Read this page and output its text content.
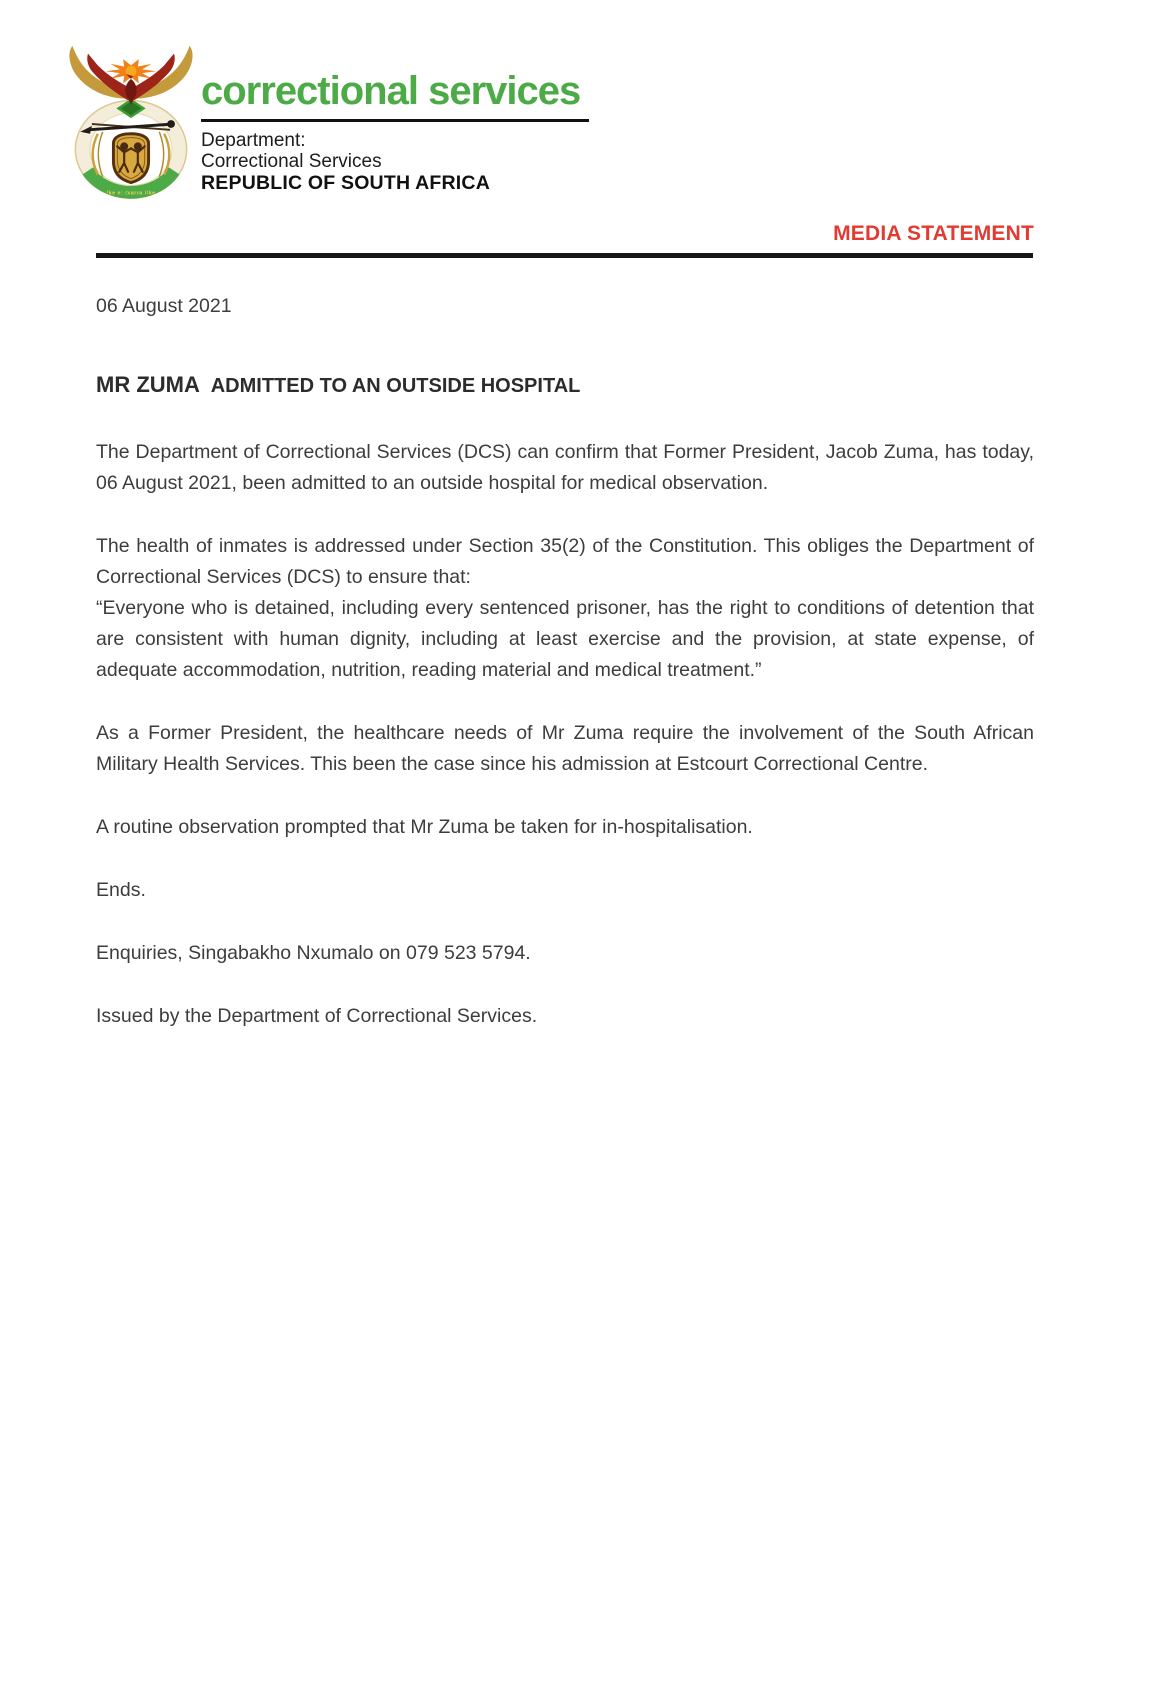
!ke e: /xarra //ke
correctional services
Department:
Correctional Services
REPUBLIC OF SOUTH AFRICA
MEDIA STATEMENT

06 August 2021

MR ZUMA ADMITTED TO AN OUTSIDE HOSPITAL

The Department of Correctional Services (DCS) can confirm that Former President, Jacob Zuma, has today, 06 August 2021, been admitted to an outside hospital for medical observation.

The health of inmates is addressed under Section 35(2) of the Constitution. This obliges the Department of Correctional Services (DCS) to ensure that:

“Everyone who is detained, including every sentenced prisoner, has the right to conditions of detention that are consistent with human dignity, including at least exercise and the provision, at state expense, of adequate accommodation, nutrition, reading material and medical treatment.”

As a Former President, the healthcare needs of Mr Zuma require the involvement of the South African Military Health Services. This been the case since his admission at Estcourt Correctional Centre.

A routine observation prompted that Mr Zuma be taken for in-hospitalisation.

Ends.

Enquiries, Singabakho Nxumalo on 079 523 5794.

Issued by the Department of Correctional Services.
